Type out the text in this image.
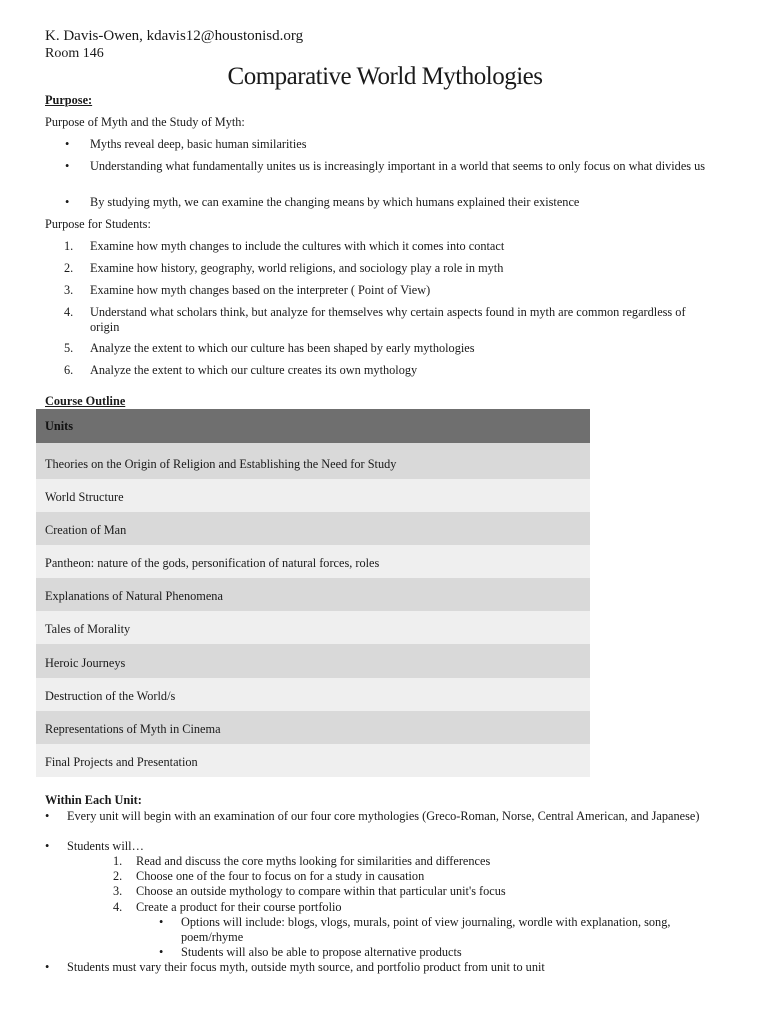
K. Davis-Owen, kdavis12@houstonisd.org
Room 146
Comparative World Mythologies
Purpose:
Purpose of Myth and the Study of Myth:
• Myths reveal deep, basic human similarities
• Understanding what fundamentally unites us is increasingly important in a world that seems to only focus on what divides us
• By studying myth, we can examine the changing means by which humans explained their existence
Purpose for Students:
1. Examine how myth changes to include the cultures with which it comes into contact
2. Examine how history, geography, world religions, and sociology play a role in myth
3. Examine how myth changes based on the interpreter ( Point of View)
4. Understand what scholars think, but analyze for themselves why certain aspects found in myth are common regardless of origin
5. Analyze the extent to which our culture has been shaped by early mythologies
6. Analyze the extent to which our culture creates its own mythology
Course Outline
Units
Theories on the Origin of Religion and Establishing the Need for Study
World Structure
Creation of Man
Pantheon: nature of the gods, personification of natural forces, roles
Explanations of Natural Phenomena
Tales of Morality
Heroic Journeys
Destruction of the World/s
Representations of Myth in Cinema
Final Projects and Presentation
Within Each Unit:
• Every unit will begin with an examination of our four core mythologies (Greco-Roman, Norse, Central American, and Japanese)
• Students will…
1. Read and discuss the core myths looking for similarities and differences
2. Choose one of the four to focus on for a study in causation
3. Choose an outside mythology to compare within that particular unit's focus
4. Create a product for their course portfolio
• Options will include: blogs, vlogs, murals, point of view journaling, wordle with explanation, song, poem/rhyme
• Students will also be able to propose alternative products
• Students must vary their focus myth, outside myth source, and portfolio product from unit to unit
